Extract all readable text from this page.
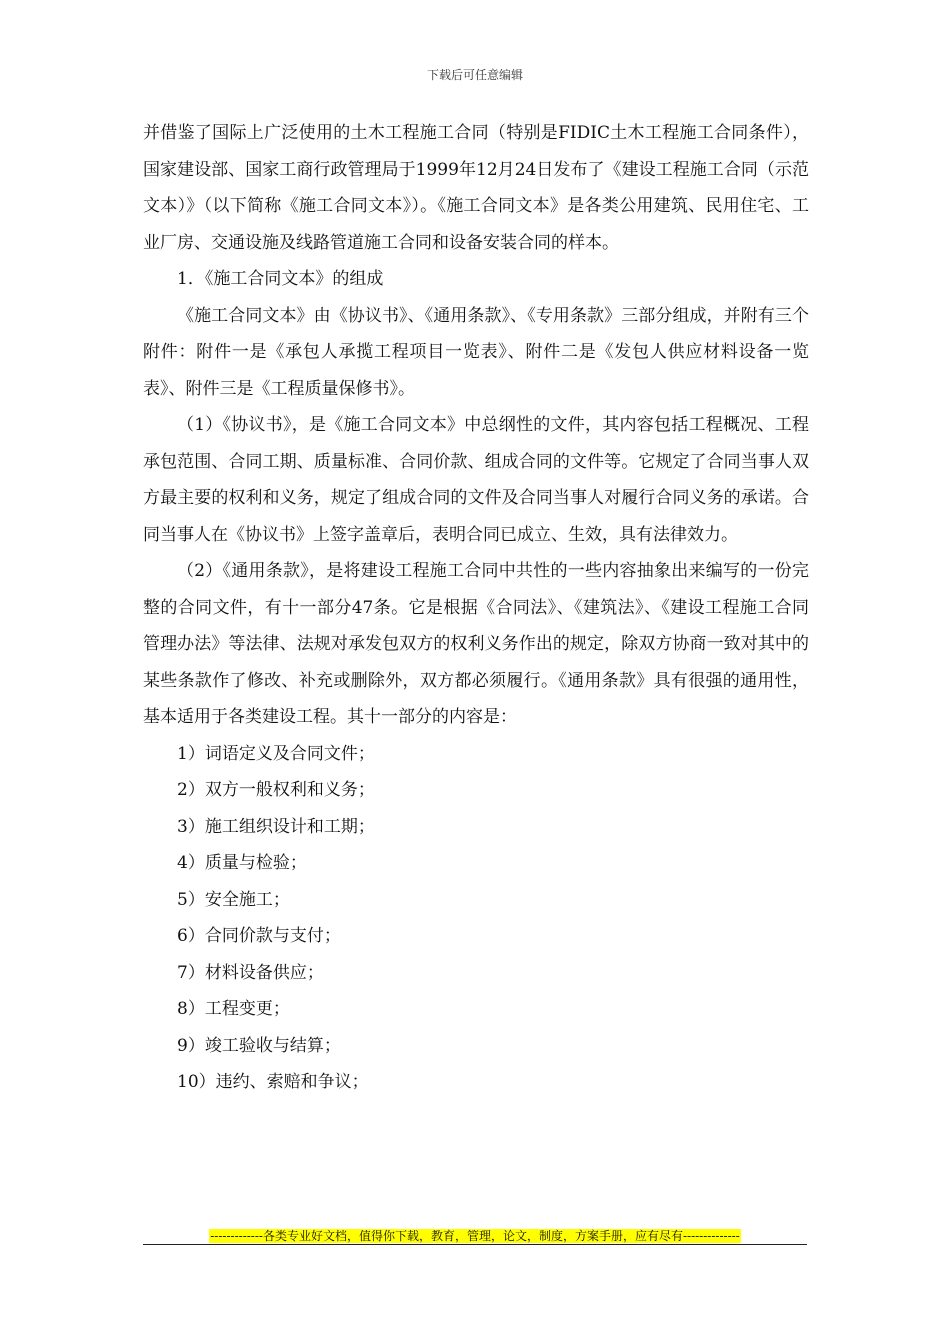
下载后可任意编辑

并借鉴了国际上广泛使用的土木工程施工合同（特别是FIDIC土木工程施工合同条件），国家建设部、国家工商行政管理局于1999年12月24日发布了《建设工程施工合同（示范文本）》（以下简称《施工合同文本》）。《施工合同文本》是各类公用建筑、民用住宅、工业厂房、交通设施及线路管道施工合同和设备安装合同的样本。

1．《施工合同文本》的组成

《施工合同文本》由《协议书》、《通用条款》、《专用条款》三部分组成，并附有三个附件：附件一是《承包人承揽工程项目一览表》、附件二是《发包人供应材料设备一览表》、附件三是《工程质量保修书》。

（1）《协议书》，是《施工合同文本》中总纲性的文件，其内容包括工程概况、工程承包范围、合同工期、质量标准、合同价款、组成合同的文件等。它规定了合同当事人双方最主要的权利和义务，规定了组成合同的文件及合同当事人对履行合同义务的承诺。合同当事人在《协议书》上签字盖章后，表明合同已成立、生效，具有法律效力。

（2）《通用条款》，是将建设工程施工合同中共性的一些内容抽象出来编写的一份完整的合同文件，有十一部分47条。它是根据《合同法》、《建筑法》、《建设工程施工合同管理办法》等法律、法规对承发包双方的权利义务作出的规定，除双方协商一致对其中的某些条款作了修改、补充或删除外，双方都必须履行。《通用条款》具有很强的通用性，基本适用于各类建设工程。其十一部分的内容是：

1）词语定义及合同文件；

2）双方一般权利和义务；

3）施工组织设计和工期；

4）质量与检验；

5）安全施工；

6）合同价款与支付；

7）材料设备供应；

8）工程变更；

9）竣工验收与结算；

10）违约、索赔和争议；

-------------各类专业好文档，值得你下载，教育，管理，论文，制度，方案手册，应有尽有--------------
